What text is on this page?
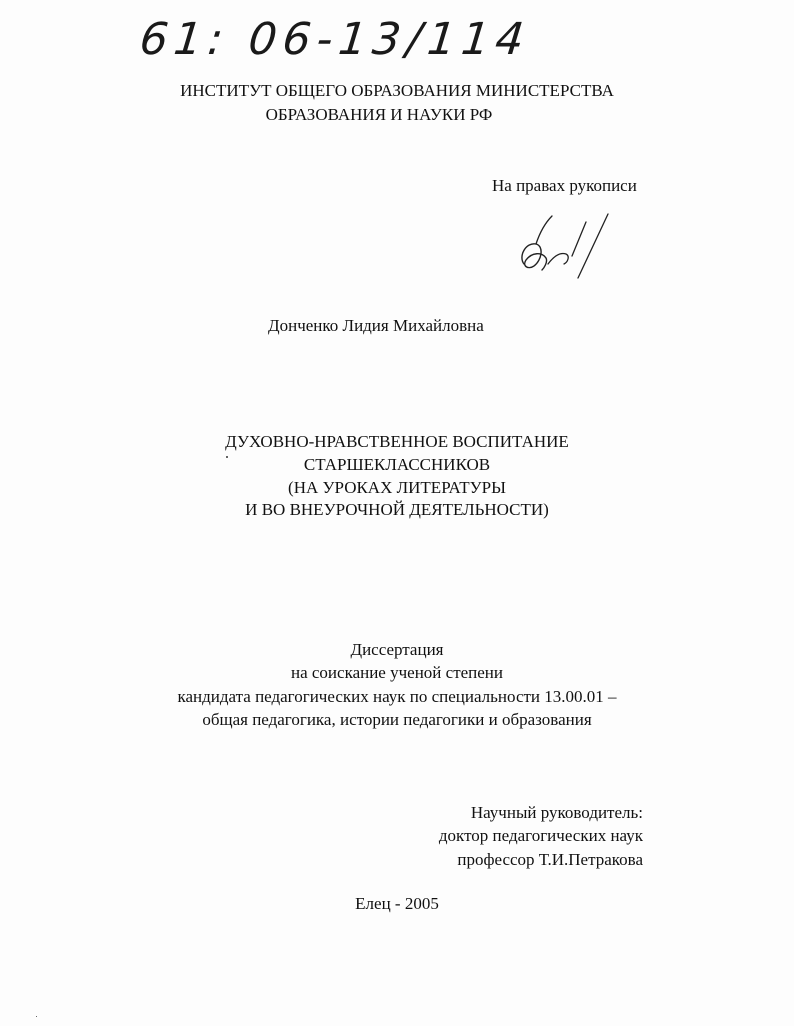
61: 06-13/114
ИНСТИТУТ ОБЩЕГО ОБРАЗОВАНИЯ МИНИСТЕРСТВА
ОБРАЗОВАНИЯ И НАУКИ РФ
На правах рукописи
Донченко Лидия Михайловна
ДУХОВНО-НРАВСТВЕННОЕ ВОСПИТАНИЕ
СТАРШЕКЛАССНИКОВ
(НА УРОКАХ ЛИТЕРАТУРЫ
И ВО ВНЕУРОЧНОЙ ДЕЯТЕЛЬНОСТИ)
Диссертация
на соискание ученой степени
кандидата педагогических наук по специальности 13.00.01 –
общая педагогика, истории педагогики и образования
Научный руководитель:
доктор педагогических наук
профессор Т.И.Петракова
Елец - 2005
